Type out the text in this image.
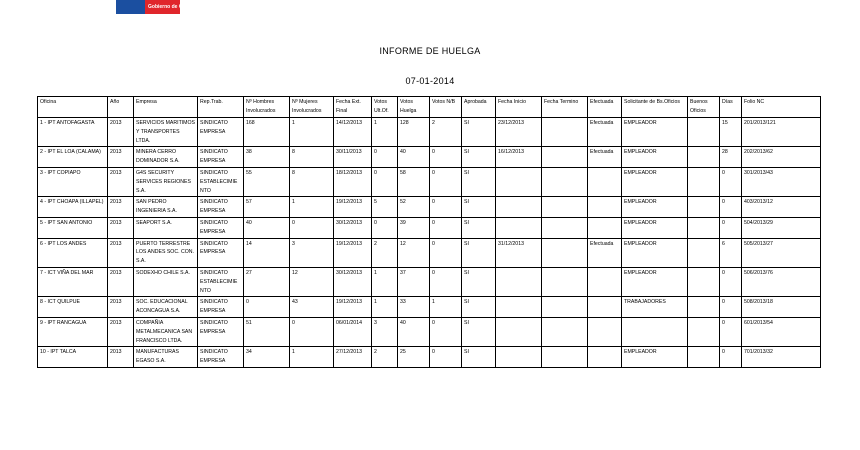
Gobierno de Chile
INFORME DE HUELGA
07-01-2014
Oficina	Año	Empresa	Rep.Trab.	Nº Hombres Involucrados	Nº Mujeres Involucrados	Fecha Ext. Final	Votos Ult.Of.	Votos Huelga	Votos N/B	Aprobada	Fecha Inicio	Fecha Termino	Efectuada	Solicitante de Bs.Oficios	Buenos Oficios	Días	Folio NC
1 - IPT ANTOFAGASTA	2013	SERVICIOS MARITIMOS Y TRANSPORTES LTDA.	SINDICATO EMPRESA	168	1	14/12/2013	1	128	2	SI	23/12/2013		Efectuada	EMPLEADOR		15	201/2013/121
2 - IPT EL LOA (CALAMA)	2013	MINERA CERRO DOMINADOR S.A.	SINDICATO EMPRESA	38	8	30/11/2013	0	40	0	SI	16/12/2013		Efectuada	EMPLEADOR		28	202/2013/62
3 - IPT COPIAPO	2013	G4S SECURITY SERVICES REGIONES S.A.	SINDICATO ESTABLECIMIENTO	55	8	18/12/2013	0	58	0	SI				EMPLEADOR		0	301/2013/43
4 - IPT CHOAPA (ILLAPEL)	2013	SAN PEDRO INGENIERIA S.A.	SINDICATO EMPRESA	57	1	19/12/2013	5	52	0	SI				EMPLEADOR		0	403/2013/12
5 - IPT SAN ANTONIO	2013	SEAPORT S.A.	SINDICATO EMPRESA	40	0	30/12/2013	0	39	0	SI				EMPLEADOR		0	504/2013/29
6 - IPT LOS ANDES	2013	PUERTO TERRESTRE LOS ANDES SOC. CON. S.A.	SINDICATO EMPRESA	14	3	19/12/2013	2	12	0	SI	31/12/2013		Efectuada	EMPLEADOR		6	505/2013/27
7 - ICT VIÑA DEL MAR	2013	SODEXHO CHILE S.A.	SINDICATO ESTABLECIMIENTO	27	12	30/12/2013	1	37	0	SI				EMPLEADOR		0	506/2013/76
8 - ICT QUILPUE	2013	SOC. EDUCACIONAL ACONCAGUA S.A.	SINDICATO EMPRESA	0	43	19/12/2013	1	33	1	SI				TRABAJADORES		0	508/2013/18
9 - IPT RANCAGUA	2013	COMPAÑIA METALMECANICA SAN FRANCISCO LTDA.	SINDICATO EMPRESA	51	0	06/01/2014	3	40	0	SI						0	601/2013/54
10 - IPT TALCA	2013	MANUFACTURAS EGASO S.A.	SINDICATO EMPRESA	34	1	27/12/2013	2	25	0	SI				EMPLEADOR		0	701/2013/32
